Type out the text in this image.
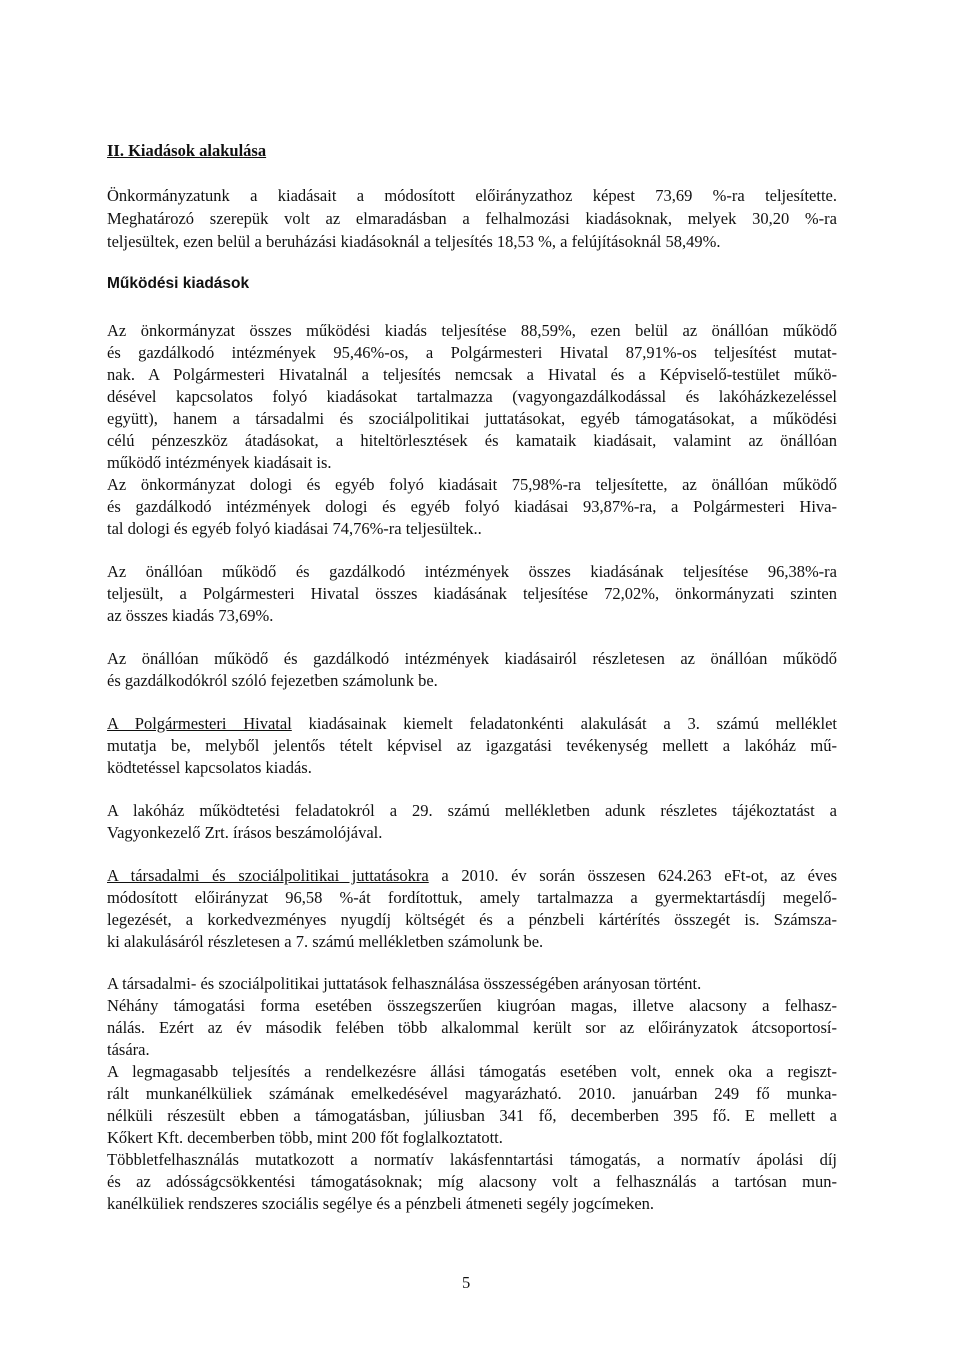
II. Kiadások alakulása
Önkormányzatunk a kiadásait a módosított előirányzathoz képest 73,69 %-ra teljesítette.
Meghatározó szerepük volt az elmaradásban a felhalmozási kiadásoknak, melyek 30,20 %-ra
teljesültek, ezen belül a beruházási kiadásoknál a teljesítés 18,53 %, a felújításoknál 58,49%.
Működési kiadások
Az önkormányzat összes működési kiadás teljesítése 88,59%, ezen belül az önállóan működő
és gazdálkodó intézmények 95,46%-os, a Polgármesteri Hivatal 87,91%-os teljesítést mutat-
nak. A Polgármesteri Hivatalnál a teljesítés nemcsak a Hivatal és a Képviselő-testület műkö-
désével kapcsolatos folyó kiadásokat tartalmazza (vagyongazdálkodással és lakóházkezeléssel
együtt), hanem a társadalmi és szociálpolitikai juttatásokat, egyéb támogatásokat, a működési
célú pénzeszköz átadásokat, a hiteltörlesztések és kamataik kiadásait, valamint az önállóan
működő intézmények kiadásait is.
Az önkormányzat dologi és egyéb folyó kiadásait 75,98%-ra teljesítette, az önállóan működő
és gazdálkodó intézmények dologi és egyéb folyó kiadásai 93,87%-ra, a Polgármesteri Hiva-
tal dologi és egyéb folyó kiadásai 74,76%-ra teljesültek..
Az önállóan működő és gazdálkodó intézmények összes kiadásának teljesítése 96,38%-ra
teljesült, a Polgármesteri Hivatal összes kiadásának teljesítése 72,02%, önkormányzati szinten
az összes kiadás 73,69%.
Az önállóan működő és gazdálkodó intézmények kiadásairól részletesen az önállóan működő
és gazdálkodókról szóló fejezetben számolunk be.
A Polgármesteri Hivatal kiadásainak kiemelt feladatonkénti alakulását a 3. számú melléklet
mutatja be, melyből jelentős tételt képvisel az igazgatási tevékenység mellett a lakóház mű-
ködtetéssel kapcsolatos kiadás.
A lakóház működtetési feladatokról a 29. számú mellékletben adunk részletes tájékoztatást a
Vagyonkezelő Zrt. írásos beszámolójával.
A társadalmi és szociálpolitikai juttatásokra a 2010. év során összesen 624.263 eFt-ot, az éves
módosított előirányzat 96,58 %-át fordítottuk, amely tartalmazza a gyermektartásdíj megelő-
legezését, a korkedvezményes nyugdíj költségét és a pénzbeli kártérítés összegét is. Számsza-
ki alakulásáról részletesen a 7. számú mellékletben számolunk be.
A társadalmi- és szociálpolitikai juttatások felhasználása összességében arányosan történt.
Néhány támogatási forma esetében összegszerűen kiugróan magas, illetve alacsony a felhasz-
nálás. Ezért az év második felében több alkalommal került sor az előirányzatok átcsoportosí-
tására.
A legmagasabb teljesítés a rendelkezésre állási támogatás esetében volt, ennek oka a regiszt-
rált munkanélküliek számának emelkedésével magyarázható. 2010. januárban 249 fő munka-
nélküli részesült ebben a támogatásban, júliusban 341 fő, decemberben 395 fő. E mellett a
Kőkert Kft. decemberben több, mint 200 főt foglalkoztatott.
Többletfelhasználás mutatkozott a normatív lakásfenntartási támogatás, a normatív ápolási díj
és az adósságcsökkentési támogatásoknak; míg alacsony volt a felhasználás a tartósan mun-
kanélküliek rendszeres szociális segélye és a pénzbeli átmeneti segély jogcímeken.
5
